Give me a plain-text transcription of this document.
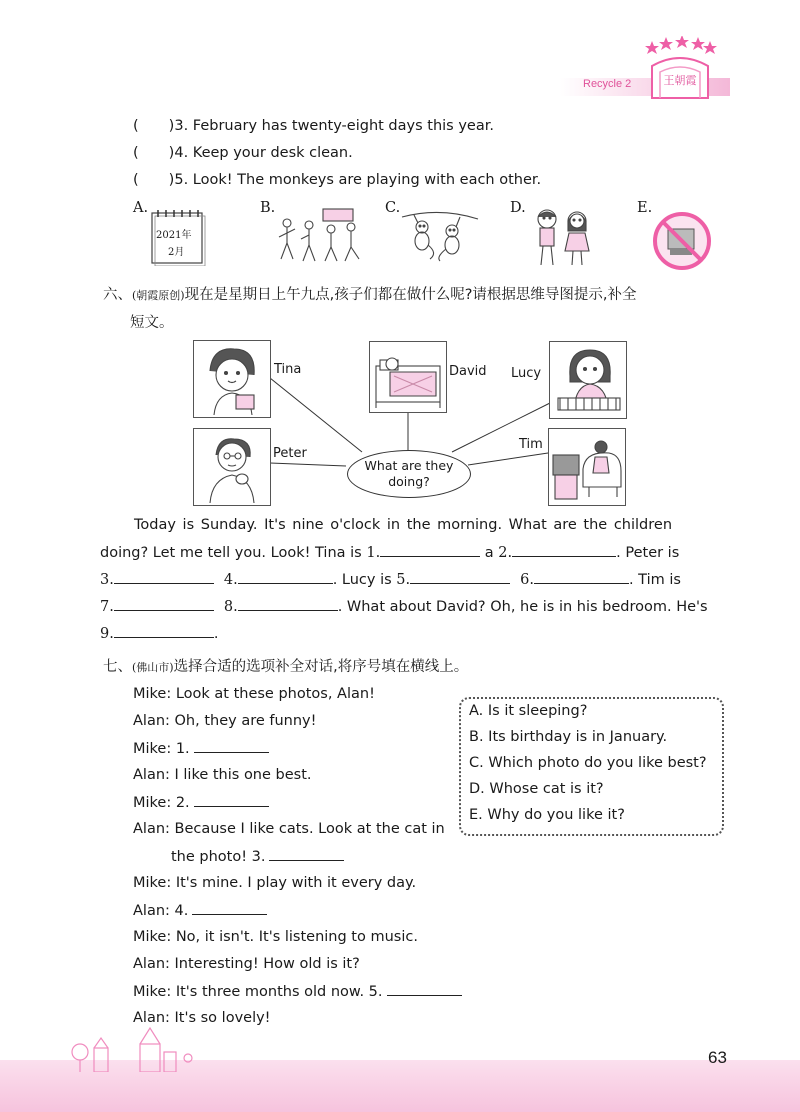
Recycle 2	王朝霞
( )3. February has twenty-eight days this year.
( )4. Keep your desk clean.
( )5. Look! The monkeys are playing with each other.
A.	B.	C.	D.	E.
2021年
2月
六、(朝霞原创)现在是星期日上午九点,孩子们都在做什么呢?请根据思维导图提示,补全
短文。
Tina	David Lucy
Peter
Tim
What are they doing?
Today is Sunday. It's nine o'clock in the morning. What are the children
doing? Let me tell you. Look! Tina is 1.	a 2.	. Peter is
3.	4.	. Lucy is 5.	6.	. Tim is
7.	8.	. What about David? Oh, he is in his bedroom. He's
9.	.
七、(佛山市)选择合适的选项补全对话,将序号填在横线上。
Mike: Look at these photos, Alan!
Alan: Oh, they are funny!
Mike: 1.
Alan: I like this one best.
Mike: 2.
Alan: Because I like cats. Look at the cat in
the photo! 3.
Mike: It's mine. I play with it every day.
Alan: 4.
Mike: No, it isn't. It's listening to music.
Alan: Interesting! How old is it?
Mike: It's three months old now. 5.
Alan: It's so lovely!
A. Is it sleeping?
B. Its birthday is in January.
C. Which photo do you like best?
D. Whose cat is it?
E. Why do you like it?
63
